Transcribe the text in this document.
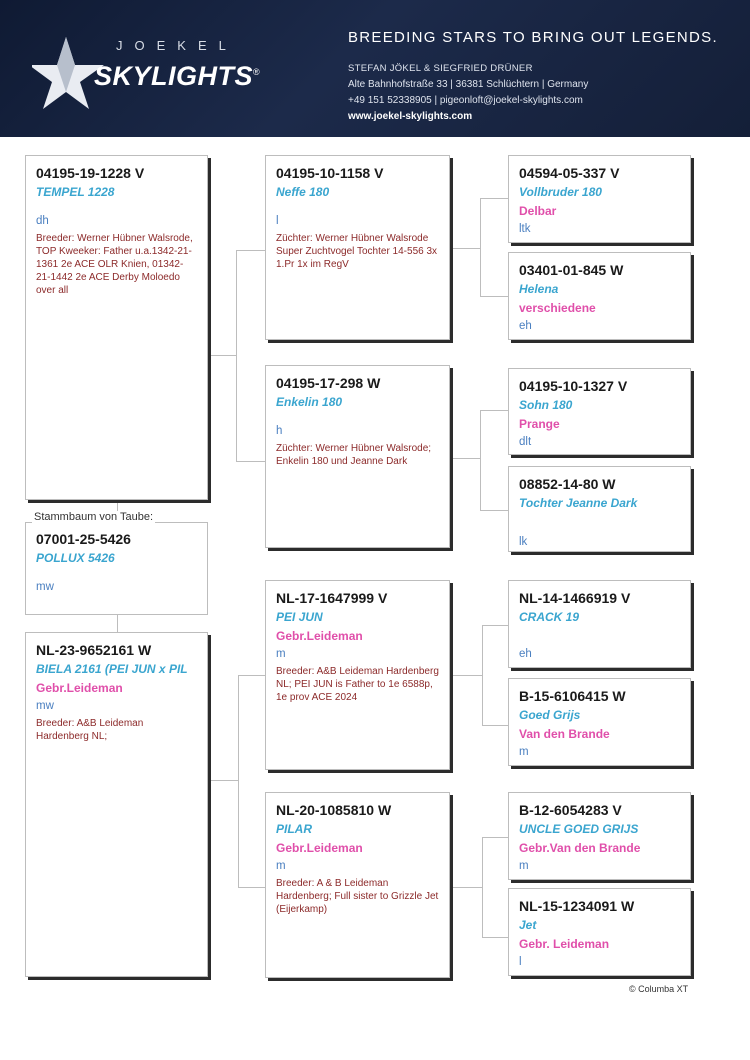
JOEKEL
SKYLIGHTS®
BREEDING STARS TO BRING OUT LEGENDS.
STEFAN JÖKEL & SIEGFRIED DRÜNER
Alte Bahnhofstraße 33 | 36381 Schlüchtern | Germany
+49 151 52338905 | pigeonloft@joekel-skylights.com
www.joekel-skylights.com
04195-19-1228 V
TEMPEL 1228
dh
Breeder: Werner Hübner Walsrode, TOP Kweeker: Father u.a.1342-21-1361 2e ACE OLR Knien, 01342-21-1442 2e ACE Derby Moloedo over all
07001-25-5426
POLLUX 5426
mw
Stammbaum von Taube:
NL-23-9652161 W
BIELA 2161 (PEI JUN x PIL
Gebr.Leideman
mw
Breeder: A&B Leideman Hardenberg NL;
04195-10-1158 V
Neffe 180
l
Züchter: Werner Hübner Walsrode Super Zuchtvogel Tochter 14-556 3x 1.Pr 1x im RegV
04195-17-298 W
Enkelin 180
h
Züchter: Werner Hübner Walsrode; Enkelin 180 und Jeanne Dark
NL-17-1647999 V
PEI JUN
Gebr.Leideman
m
Breeder: A&B Leideman Hardenberg NL; PEI JUN is Father to 1e 6588p, 1e prov ACE 2024
NL-20-1085810 W
PILAR
Gebr.Leideman
m
Breeder: A & B Leideman Hardenberg; Full sister to Grizzle Jet (Eijerkamp)
04594-05-337 V
Vollbruder 180
Delbar
ltk
03401-01-845 W
Helena
verschiedene
eh
04195-10-1327 V
Sohn 180
Prange
dlt
08852-14-80 W
Tochter Jeanne Dark
lk
NL-14-1466919 V
CRACK 19
eh
B-15-6106415 W
Goed Grijs
Van den Brande
m
B-12-6054283 V
UNCLE GOED GRIJS
Gebr.Van den Brande
m
NL-15-1234091 W
Jet
Gebr. Leideman
l
© Columba XT
